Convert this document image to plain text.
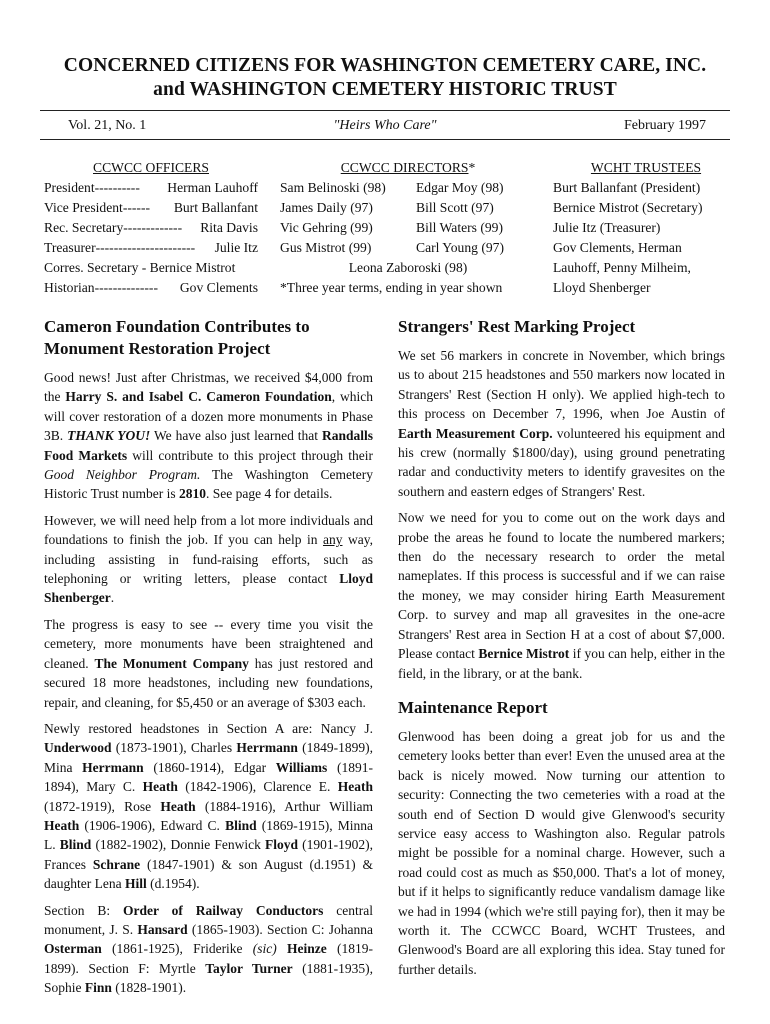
CONCERNED CITIZENS FOR WASHINGTON CEMETERY CARE, INC.
and WASHINGTON CEMETERY HISTORIC TRUST
Vol. 21, No. 1	"Heirs Who Care"	February 1997
CCWCC OFFICERS
President ----------	Herman Lauhoff
Vice President ------	Burt Ballanfant
Rec. Secretary -------------	Rita Davis
Treasurer ----------------------	Julie Itz
Corres. Secretary - Bernice Mistrot
Historian --------------	Gov Clements
CCWCC DIRECTORS*
Sam Belinoski (98)	Edgar Moy (98)
James Daily (97)	Bill Scott (97)
Vic Gehring (99)	Bill Waters (99)
Gus Mistrot (99)	Carl Young (97)
Leona Zaboroski (98)
*Three year terms, ending in year shown
WCHT TRUSTEES
Burt Ballanfant (President)
Bernice Mistrot (Secretary)
Julie Itz (Treasurer)
Gov Clements, Herman
Lauhoff, Penny Milheim,
Lloyd Shenberger
Cameron Foundation Contributes to Monument Restoration Project

Good news! Just after Christmas, we received $4,000 from the Harry S. and Isabel C. Cameron Foundation, which will cover restoration of a dozen more monuments in Phase 3B. THANK YOU! We have also just learned that Randalls Food Markets will contribute to this project through their Good Neighbor Program. The Washington Cemetery Historic Trust number is 2810. See page 4 for details.

However, we will need help from a lot more individuals and foundations to finish the job. If you can help in any way, including assisting in fund-raising efforts, such as telephoning or writing letters, please contact Lloyd Shenberger.

The progress is easy to see -- every time you visit the cemetery, more monuments have been straightened and cleaned. The Monument Company has just restored and secured 18 more headstones, including new foundations, repair, and cleaning, for $5,450 or an average of $303 each.

Newly restored headstones in Section A are: Nancy J. Underwood (1873-1901), Charles Herrmann (1849-1899), Mina Herrmann (1860-1914), Edgar Williams (1891-1894), Mary C. Heath (1842-1906), Clarence E. Heath (1872-1919), Rose Heath (1884-1916), Arthur William Heath (1906-1906), Edward C. Blind (1869-1915), Minna L. Blind (1882-1902), Donnie Fenwick Floyd (1901-1902), Frances Schrane (1847-1901) & son August (d.1951) & daughter Lena Hill (d.1954).

Section B: Order of Railway Conductors central monument, J. S. Hansard (1865-1903). Section C: Johanna Osterman (1861-1925), Friderike (sic) Heinze (1819-1899). Section F: Myrtle Taylor Turner (1881-1935), Sophie Finn (1828-1901).

Strangers' Rest Marking Project

We set 56 markers in concrete in November, which brings us to about 215 headstones and 550 markers now located in Strangers' Rest (Section H only). We applied high-tech to this process on December 7, 1996, when Joe Austin of Earth Measurement Corp. volunteered his equipment and his crew (normally $1800/day), using ground penetrating radar and conductivity meters to identify gravesites on the southern and eastern edges of Strangers' Rest.

Now we need for you to come out on the work days and probe the areas he found to locate the numbered markers; then do the necessary research to order the metal nameplates. If this process is successful and if we can raise the money, we may consider hiring Earth Measurement Corp. to survey and map all gravesites in the one-acre Strangers' Rest area in Section H at a cost of about $7,000. Please contact Bernice Mistrot if you can help, either in the field, in the library, or at the bank.

Maintenance Report

Glenwood has been doing a great job for us and the cemetery looks better than ever! Even the unused area at the back is nicely mowed. Now turning our attention to security: Connecting the two cemeteries with a road at the south end of Section D would give Glenwood's security service easy access to Washington also. Regular patrols might be possible for a nominal charge. However, such a road could cost as much as $50,000. That's a lot of money, but if it helps to significantly reduce vandalism damage like we had in 1994 (which we're still paying for), then it may be worth it. The CCWCC Board, WCHT Trustees, and Glenwood's Board are all exploring this idea. Stay tuned for further details.
